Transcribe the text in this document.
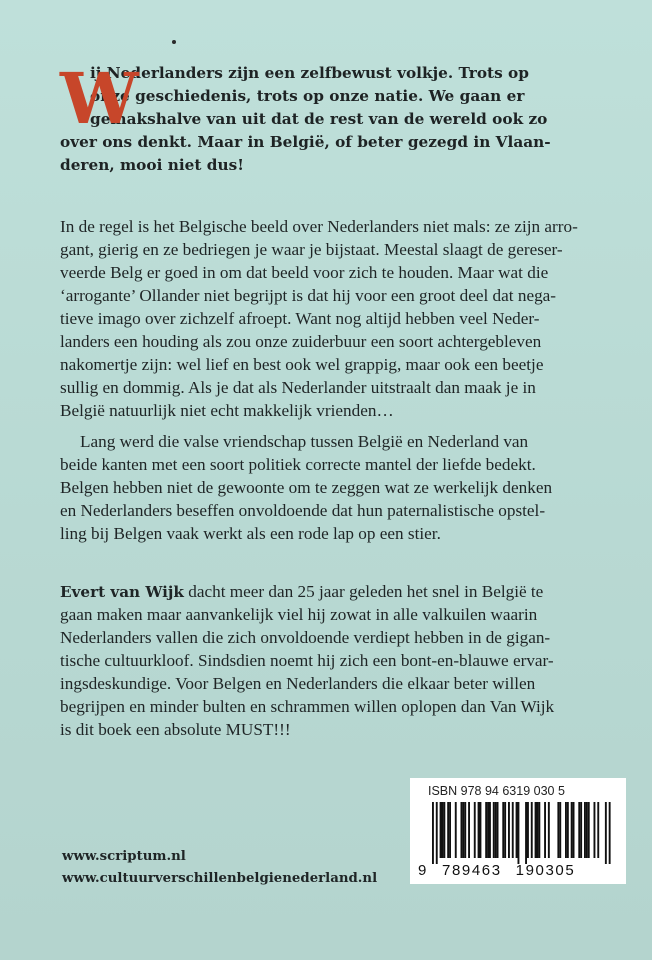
W
ij Nederlanders zijn een zelfbewust volkje. Trots op
onze geschiedenis, trots op onze natie. We gaan er
gemakshalve van uit dat de rest van de wereld ook zo
over ons denkt. Maar in België, of beter gezegd in Vlaan-
deren, mooi niet dus!
In de regel is het Belgische beeld over Nederlanders niet mals: ze zijn arro-
gant, gierig en ze bedriegen je waar je bijstaat. Meestal slaagt de gereser-
veerde Belg er goed in om dat beeld voor zich te houden. Maar wat die
‘arrogante’ Ollander niet begrijpt is dat hij voor een groot deel dat nega-
tieve imago over zichzelf afroept. Want nog altijd hebben veel Neder-
landers een houding als zou onze zuiderbuur een soort achtergebleven
nakomertje zijn: wel lief en best ook wel grappig, maar ook een beetje
sullig en dommig. Als je dat als Nederlander uitstraalt dan maak je in
België natuurlijk niet echt makkelijk vrienden…
Lang werd die valse vriendschap tussen België en Nederland van
beide kanten met een soort politiek correcte mantel der liefde bedekt.
Belgen hebben niet de gewoonte om te zeggen wat ze werkelijk denken
en Nederlanders beseffen onvoldoende dat hun paternalistische opstel-
ling bij Belgen vaak werkt als een rode lap op een stier.
Evert van Wijk dacht meer dan 25 jaar geleden het snel in België te
gaan maken maar aanvankelijk viel hij zowat in alle valkuilen waarin
Nederlanders vallen die zich onvoldoende verdiept hebben in de gigan-
tische cultuurkloof. Sindsdien noemt hij zich een bont-en-blauwe ervar-
ingsdeskundige. Voor Belgen en Nederlanders die elkaar beter willen
begrijpen en minder bulten en schrammen willen oplopen dan Van Wijk
is dit boek een absolute MUST!!!
www.scriptum.nl
www.cultuurverschillenbelgienederland.nl
ISBN 978 94 6319 030 5
9	789463 190305
